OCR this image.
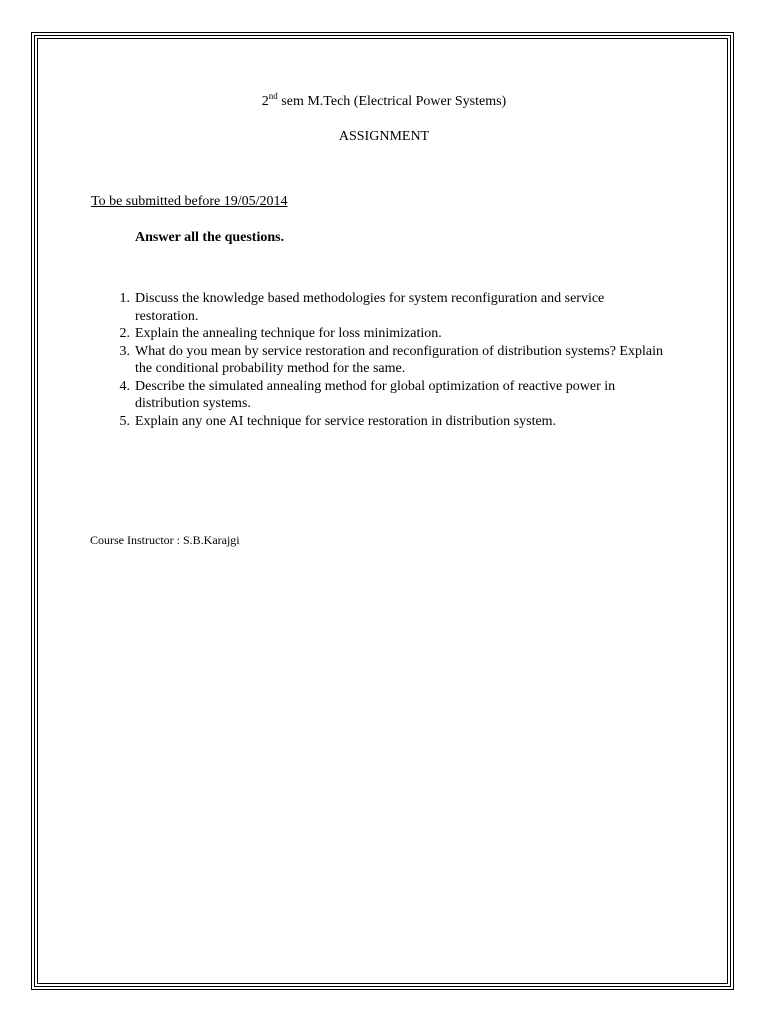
2nd sem M.Tech (Electrical Power Systems)
ASSIGNMENT
To be submitted before 19/05/2014
Answer all the questions.
1. Discuss the knowledge based methodologies for system reconfiguration and service restoration.
2. Explain the annealing technique for loss minimization.
3. What do you mean by service restoration and reconfiguration of distribution systems? Explain the conditional probability method for the same.
4. Describe the simulated annealing method for global optimization of reactive power in distribution systems.
5. Explain any one AI technique for service restoration in distribution system.
Course Instructor : S.B.Karajgi
